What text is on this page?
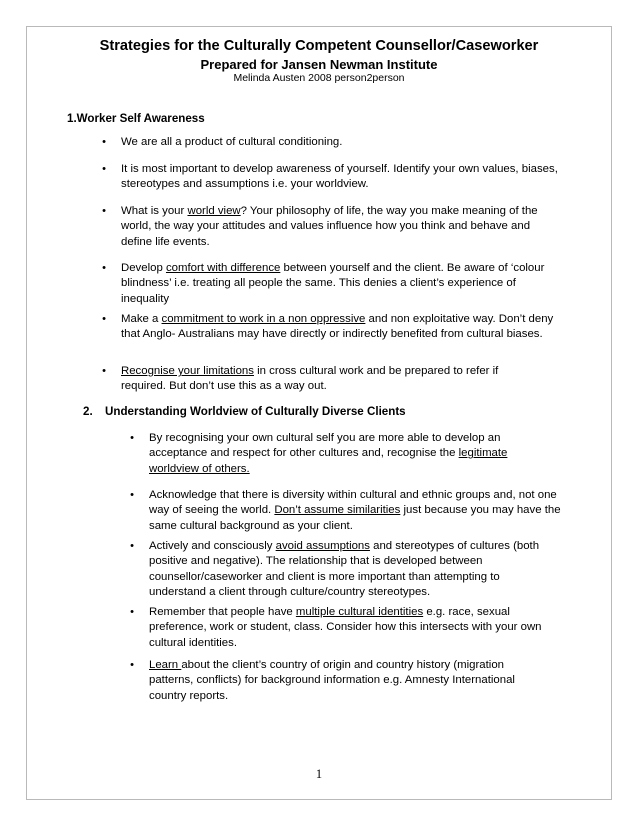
Strategies for the Culturally Competent Counsellor/Caseworker
Prepared for Jansen Newman Institute
Melinda Austen 2008 person2person
1.Worker Self Awareness
• We are all a product of cultural conditioning.
• It is most important to develop awareness of yourself. Identify your own values, biases, stereotypes and assumptions i.e. your worldview.
• What is your world view? Your philosophy of life, the way you make meaning of the world, the way your attitudes and values influence how you think and behave and define life events.
• Develop comfort with difference between yourself and the client. Be aware of ‘colour blindness’ i.e. treating all people the same. This denies a client’s experience of inequality
• Make a commitment to work in a non oppressive and non exploitative way. Don’t deny that Anglo- Australians may have directly or indirectly benefited from cultural biases.
• Recognise your limitations in cross cultural work and be prepared to refer if required. But don’t use this as a way out.
2. Understanding Worldview of Culturally Diverse Clients
• By recognising your own cultural self you are more able to develop an acceptance and respect for other cultures and, recognise the legitimate worldview of others.
• Acknowledge that there is diversity within cultural and ethnic groups and, not one way of seeing the world. Don’t assume similarities just because you may have the same cultural background as your client.
• Actively and consciously avoid assumptions and stereotypes of cultures (both positive and negative). The relationship that is developed between counsellor/caseworker and client is more important than attempting to understand a client through culture/country stereotypes.
• Remember that people have multiple cultural identities e.g. race, sexual preference, work or student, class. Consider how this intersects with your own cultural identities.
• Learn about the client’s country of origin and country history (migration patterns, conflicts) for background information e.g. Amnesty International country reports.
1
